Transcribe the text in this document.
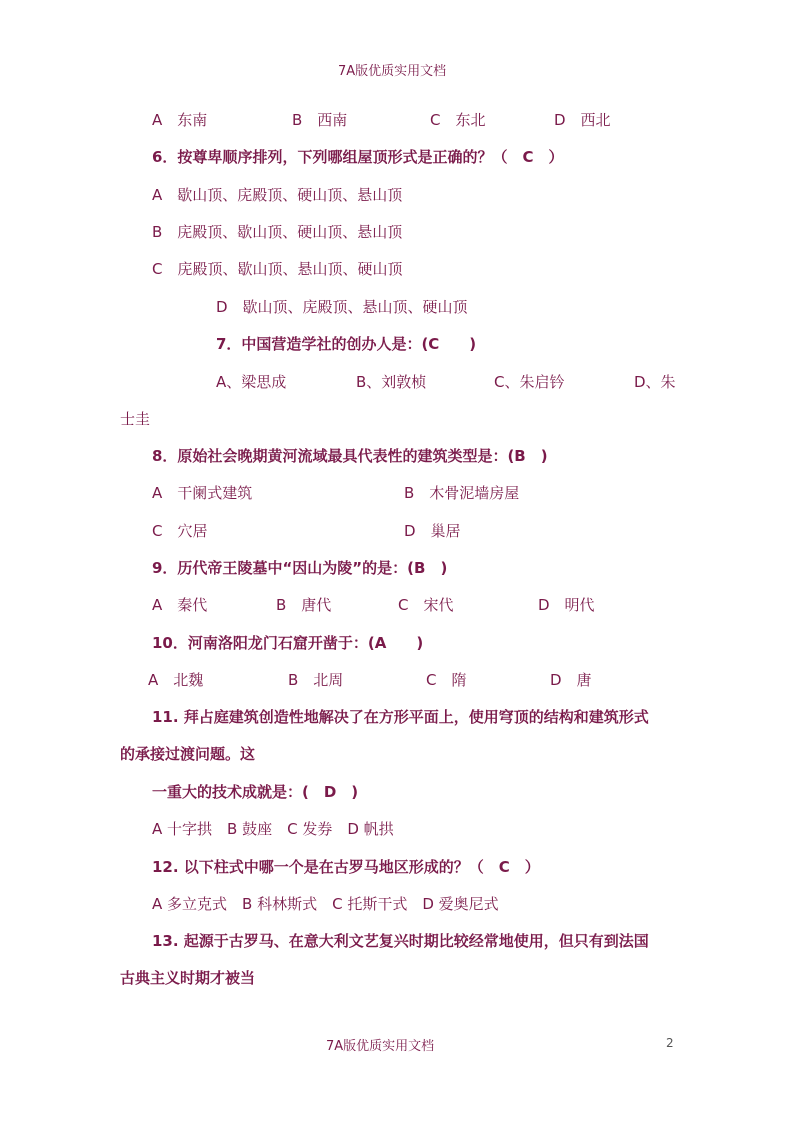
7A版优质实用文档
A　东南	B　西南	C　东北	D　西北
6．按尊卑顺序排列，下列哪组屋顶形式是正确的？（　C　）
A　歇山顶、庑殿顶、硬山顶、悬山顶
B　庑殿顶、歇山顶、硬山顶、悬山顶
C　庑殿顶、歇山顶、悬山顶、硬山顶
D　歇山顶、庑殿顶、悬山顶、硬山顶
7．中国营造学社的创办人是：(C　　)
A、梁思成	B、刘敦桢	C、朱启钤	D、朱
士圭
8．原始社会晚期黄河流域最具代表性的建筑类型是：(B　)
A　干阑式建筑	B　木骨泥墙房屋
C　穴居	D　巢居
9．历代帝王陵墓中“因山为陵”的是：(B　)
A　秦代	B　唐代	C　宋代	D　明代
10．河南洛阳龙门石窟开凿于：(A　　)
A　北魏	B　北周	C　隋	D　唐
11. 拜占庭建筑创造性地解决了在方形平面上，使用穹顶的结构和建筑形式
的承接过渡问题。这
一重大的技术成就是：(　D　)
A 十字拱　B 鼓座　C 发券　D 帆拱
12. 以下柱式中哪一个是在古罗马地区形成的？（　C　）
A 多立克式　B 科林斯式　C 托斯干式　D 爱奥尼式
13. 起源于古罗马、在意大利文艺复兴时期比较经常地使用，但只有到法国
古典主义时期才被当
2
7A版优质实用文档
